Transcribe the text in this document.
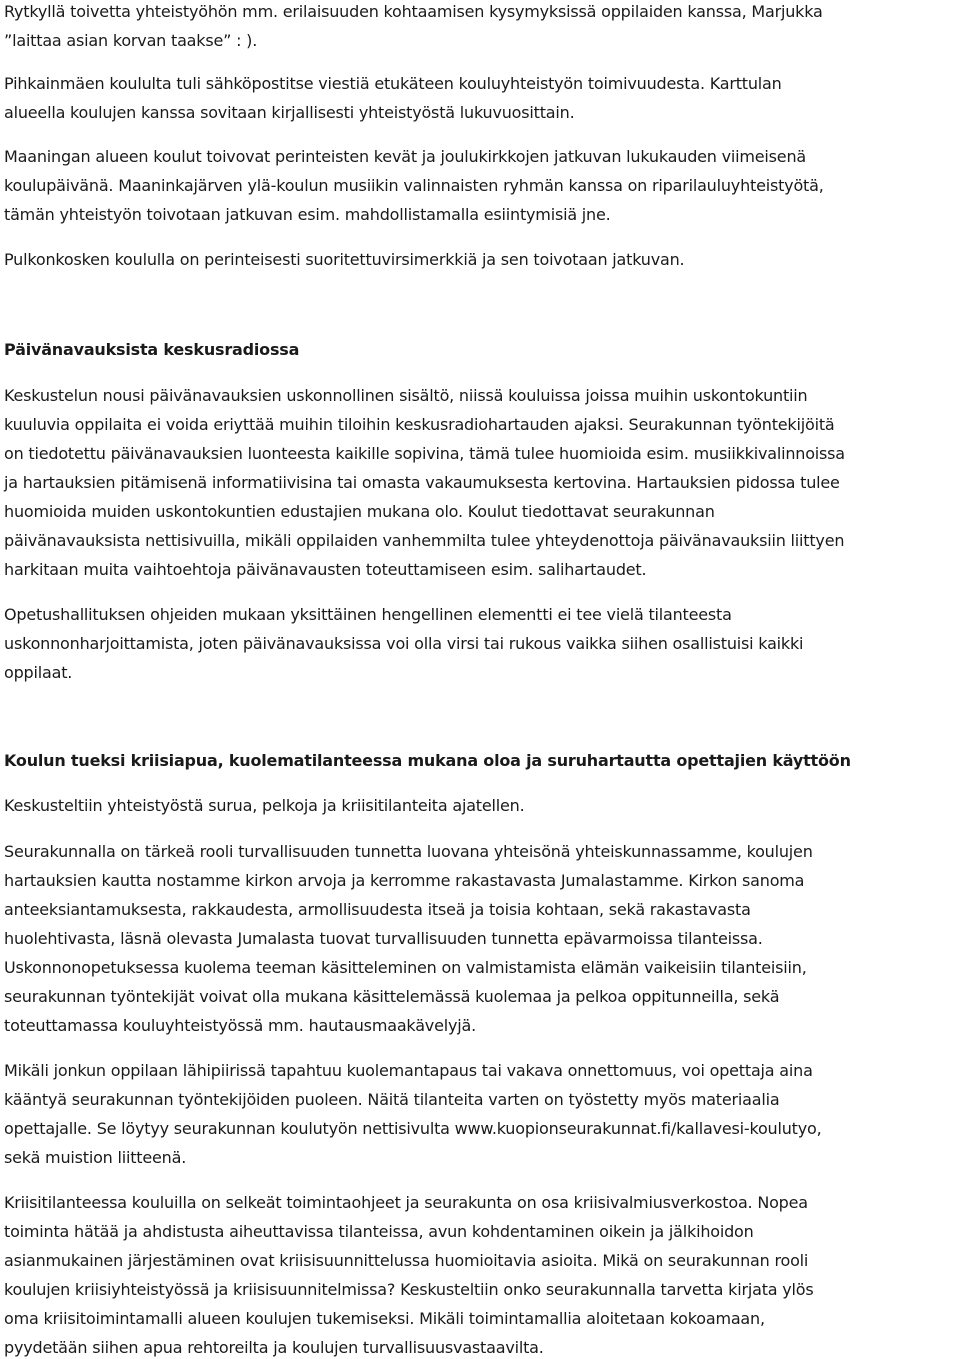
Rytkyllä toivetta yhteistyöhön mm. erilaisuuden kohtaamisen kysymyksissä oppilaiden kanssa, Marjukka
”laittaa asian korvan taakse” : ).
Pihkainmäen koululta tuli sähköpostitse viestiä etukäteen kouluyhteistyön toimivuudesta. Karttulan
alueella koulujen kanssa sovitaan kirjallisesti yhteistyöstä lukuvuosittain.
Maaningan alueen koulut toivovat perinteisten kevät ja joulukirkkojen jatkuvan lukukauden viimeisenä
koulupäivänä. Maaninkajärven ylä-koulun musiikin valinnaisten ryhmän kanssa on riparilauluyhteistyötä,
tämän yhteistyön toivotaan jatkuvan esim. mahdollistamalla esiintymisiä jne.
Pulkonkosken koululla on perinteisesti suoritettuvirsimerkkiä ja sen toivotaan jatkuvan.
Päivänavauksista keskusradiossa
Keskustelun nousi päivänavauksien uskonnollinen sisältö, niissä kouluissa joissa muihin uskontokuntiin
kuuluvia oppilaita ei voida eriyttää muihin tiloihin keskusradiohartauden ajaksi. Seurakunnan työntekijöitä
on tiedotettu päivänavauksien luonteesta kaikille sopivina, tämä tulee huomioida esim. musiikkivalinnoissa
ja hartauksien pitämisenä informatiivisina tai omasta vakaumuksesta kertovina. Hartauksien pidossa tulee
huomioida muiden uskontokuntien edustajien mukana olo. Koulut tiedottavat seurakunnan
päivänavauksista nettisivuilla, mikäli oppilaiden vanhemmilta tulee yhteydenottoja päivänavauksiin liittyen
harkitaan muita vaihtoehtoja päivänavausten toteuttamiseen esim. salihartaudet.
Opetushallituksen ohjeiden mukaan yksittäinen hengellinen elementti ei tee vielä tilanteesta
uskonnonharjoittamista, joten päivänavauksissa voi olla virsi tai rukous vaikka siihen osallistuisi kaikki
oppilaat.
Koulun tueksi kriisiapua, kuolematilanteessa mukana oloa ja suruhartautta opettajien käyttöön
Keskusteltiin yhteistyöstä surua, pelkoja ja kriisitilanteita ajatellen.
Seurakunnalla on tärkeä rooli turvallisuuden tunnetta luovana yhteisönä yhteiskunnassamme, koulujen
hartauksien kautta nostamme kirkon arvoja ja kerromme rakastavasta Jumalastamme. Kirkon sanoma
anteeksiantamuksesta, rakkaudesta, armollisuudesta itseä ja toisia kohtaan, sekä rakastavasta
huolehtivasta, läsnä olevasta Jumalasta tuovat turvallisuuden tunnetta epävarmoissa tilanteissa.
Uskonnonopetuksessa kuolema teeman käsitteleminen on valmistamista elämän vaikeisiin tilanteisiin,
seurakunnan työntekijät voivat olla mukana käsittelemässä kuolemaa ja pelkoa oppitunneilla, sekä
toteuttamassa kouluyhteistyössä mm. hautausmaakävelyjä.
Mikäli jonkun oppilaan lähipiirissä tapahtuu kuolemantapaus tai vakava onnettomuus, voi opettaja aina
kääntyä seurakunnan työntekijöiden puoleen. Näitä tilanteita varten on työstetty myös materiaalia
opettajalle. Se löytyy seurakunnan koulutyön nettisivulta www.kuopionseurakunnat.fi/kallavesi-koulutyo,
sekä muistion liitteenä.
Kriisitilanteessa kouluilla on selkeät toimintaohjeet ja seurakunta on osa kriisivalmiusverkostoa. Nopea
toiminta hätää ja ahdistusta aiheuttavissa tilanteissa, avun kohdentaminen oikein ja jälkihoidon
asianmukainen järjestäminen ovat kriisisuunnittelussa huomioitavia asioita. Mikä on seurakunnan rooli
koulujen kriisiyhteistyössä ja kriisisuunnitelmissa? Keskusteltiin onko seurakunnalla tarvetta kirjata ylös
oma kriisitoimintamalli alueen koulujen tukemiseksi. Mikäli toimintamallia aloitetaan kokoamaan,
pyydetään siihen apua rehtoreilta ja koulujen turvallisuusvastaavilta.
